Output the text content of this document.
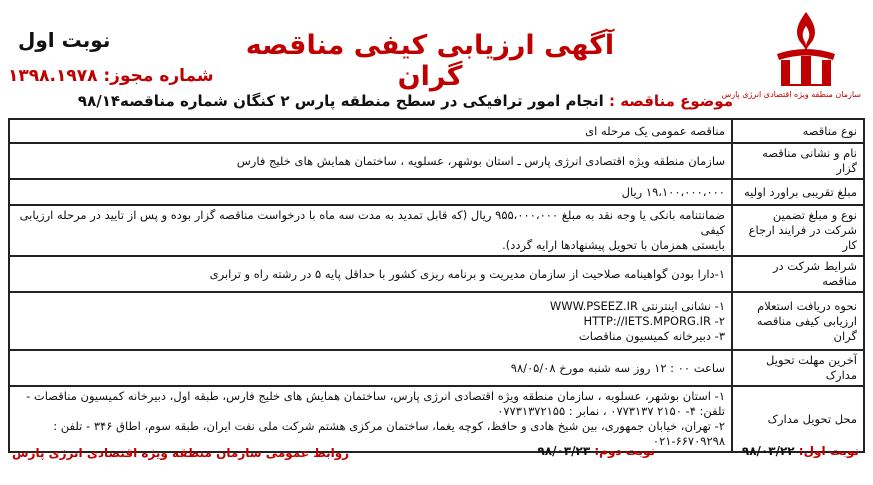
سازمان منطقه ویژه اقتصادی انرژی پارس
آگهی ارزیابی کیفی مناقصه گران
نوبت اول
شماره مجوز: ۱۳۹۸.۱۹۷۸
موضوع مناقصه : انجام امور ترافیکی در سطح منطقه پارس ۲ کنگان شماره مناقصه۹۸/۱۴
نوع مناقصه	مناقصه عمومی یک مرحله ای

نام و نشانی مناقصه گزار	سازمان منطقه ویژه اقتصادی انرژی پارس ـ استان بوشهر، عسلویه ، ساختمان همایش های خلیج فارس

مبلغ تقریبی براورد اولیه	۱۹،۱۰۰،۰۰۰،۰۰۰ ریال

نوع و مبلغ تضمین شرکت در فرایند ارجاع کار	ضمانتنامه بانکی یا وجه نقد به مبلغ ۹۵۵،۰۰۰،۰۰۰ ریال (که قابل تمدید به مدت سه ماه با درخواست مناقصه گزار بوده و پس از تایید در مرحله ارزیابی کیفی
بایستی همزمان با تحویل پیشنهادها ارایه گردد).

شرایط شرکت در مناقصه	۱-دارا بودن گواهینامه صلاحیت از سازمان مدیریت و برنامه ریزی کشور با حداقل پایه ۵ در رشته راه و ترابری

نحوه دریافت استعلام ارزیابی کیفی مناقصه گران	۱- نشانی اینترنتی WWW.PSEEZ.IR
۲- HTTP://IETS.MPORG.IR
۳- دبیرخانه کمیسیون مناقصات

آخرین مهلت تحویل مدارک	ساعت ۰۰ : ۱۲ روز سه شنبه مورخ ۹۸/۰۵/۰۸

محل تحویل مدارک	۱- استان بوشهر، عسلویه ، سازمان منطقه ویژه اقتصادی انرژی پارس، ساختمان همایش های خلیج فارس، طبقه اول، دبیرخانه کمیسیون مناقصات -
تلفن: ۴- ۲۱۵۰ ۰۷۷۳۱۳۷ ، نمابر : ۰۷۷۳۱۳۷۲۱۵۵
۲- تهران، خیابان جمهوری، بین شیخ هادی و حافظ، کوچه یغما، ساختمان مرکزی هشتم شرکت ملی نفت ایران، طبقه سوم، اطاق ۳۴۶ - تلفن : ۶۶۷۰۹۲۹۸-۰۲۱
نوبت اول: ۹۸/۰۳/۲۲
نوبت دوم: ۹۸/۰۳/۲۳
روابط عمومی سازمان منطقه ویژه اقتصادی انرژی پارس
